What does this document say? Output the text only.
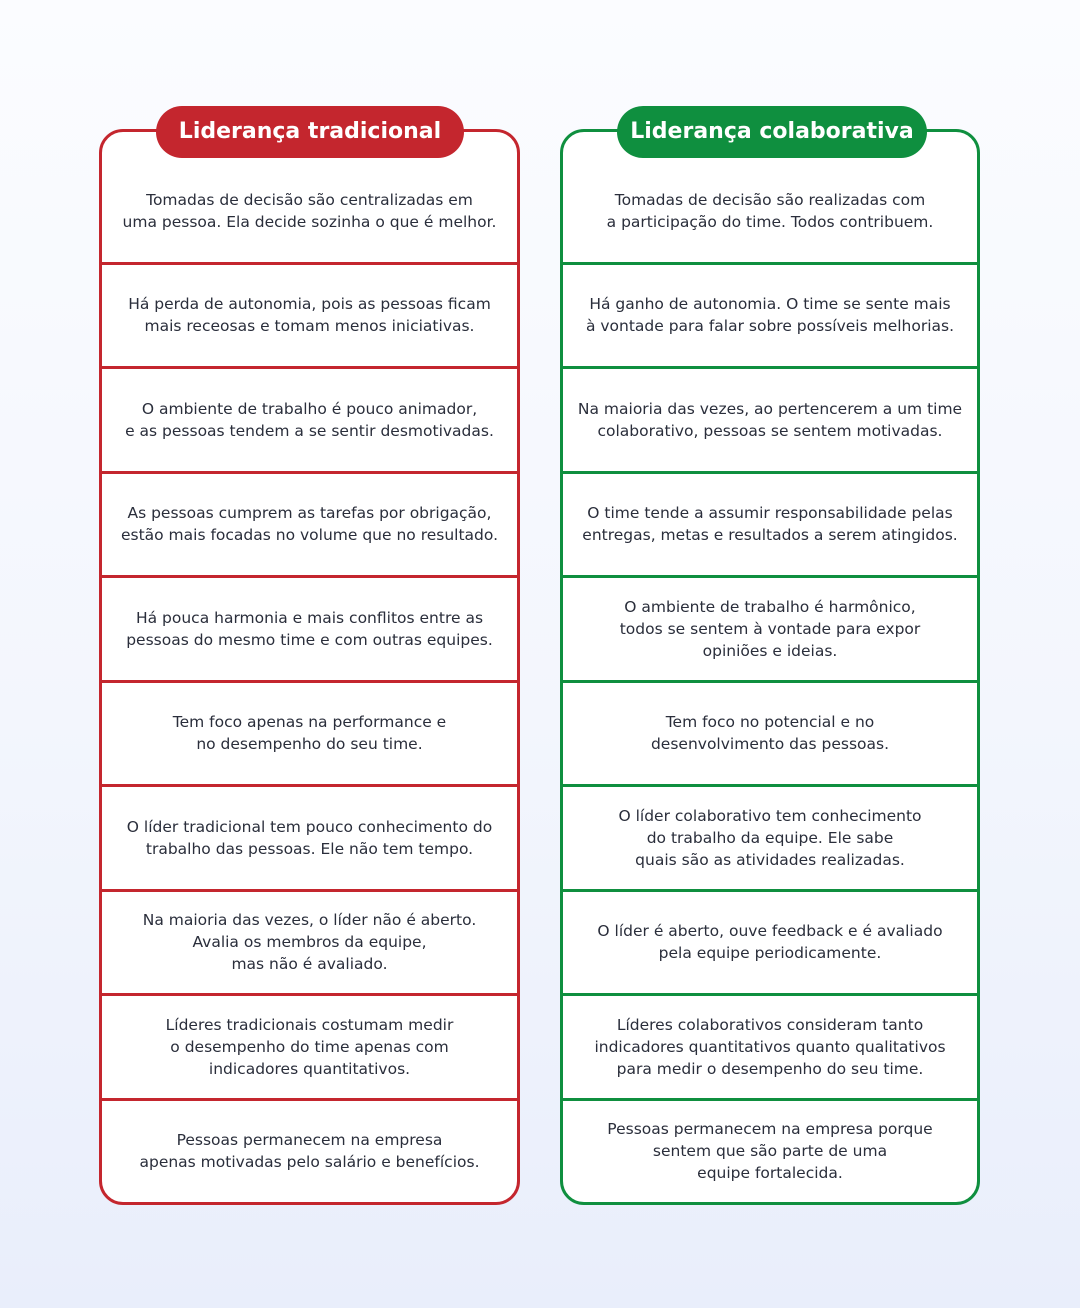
Liderança tradicional
Tomadas de decisão são centralizadas em
uma pessoa. Ela decide sozinha o que é melhor.
Há perda de autonomia, pois as pessoas ficam
mais receosas e tomam menos iniciativas.
O ambiente de trabalho é pouco animador,
e as pessoas tendem a se sentir desmotivadas.
As pessoas cumprem as tarefas por obrigação,
estão mais focadas no volume que no resultado.
Há pouca harmonia e mais conflitos entre as
pessoas do mesmo time e com outras equipes.
Tem foco apenas na performance e
no desempenho do seu time.
O líder tradicional tem pouco conhecimento do
trabalho das pessoas. Ele não tem tempo.
Na maioria das vezes, o líder não é aberto.
Avalia os membros da equipe,
mas não é avaliado.
Líderes tradicionais costumam medir
o desempenho do time apenas com
indicadores quantitativos.
Pessoas permanecem na empresa
apenas motivadas pelo salário e benefícios.
Liderança colaborativa
Tomadas de decisão são realizadas com
a participação do time. Todos contribuem.
Há ganho de autonomia. O time se sente mais
à vontade para falar sobre possíveis melhorias.
Na maioria das vezes, ao pertencerem a um time
colaborativo, pessoas se sentem motivadas.
O time tende a assumir responsabilidade pelas
entregas, metas e resultados a serem atingidos.
O ambiente de trabalho é harmônico,
todos se sentem à vontade para expor
opiniões e ideias.
Tem foco no potencial e no
desenvolvimento das pessoas.
O líder colaborativo tem conhecimento
do trabalho da equipe. Ele sabe
quais são as atividades realizadas.
O líder é aberto, ouve feedback e é avaliado
pela equipe periodicamente.
Líderes colaborativos consideram tanto
indicadores quantitativos quanto qualitativos
para medir o desempenho do seu time.
Pessoas permanecem na empresa porque
sentem que são parte de uma
equipe fortalecida.
